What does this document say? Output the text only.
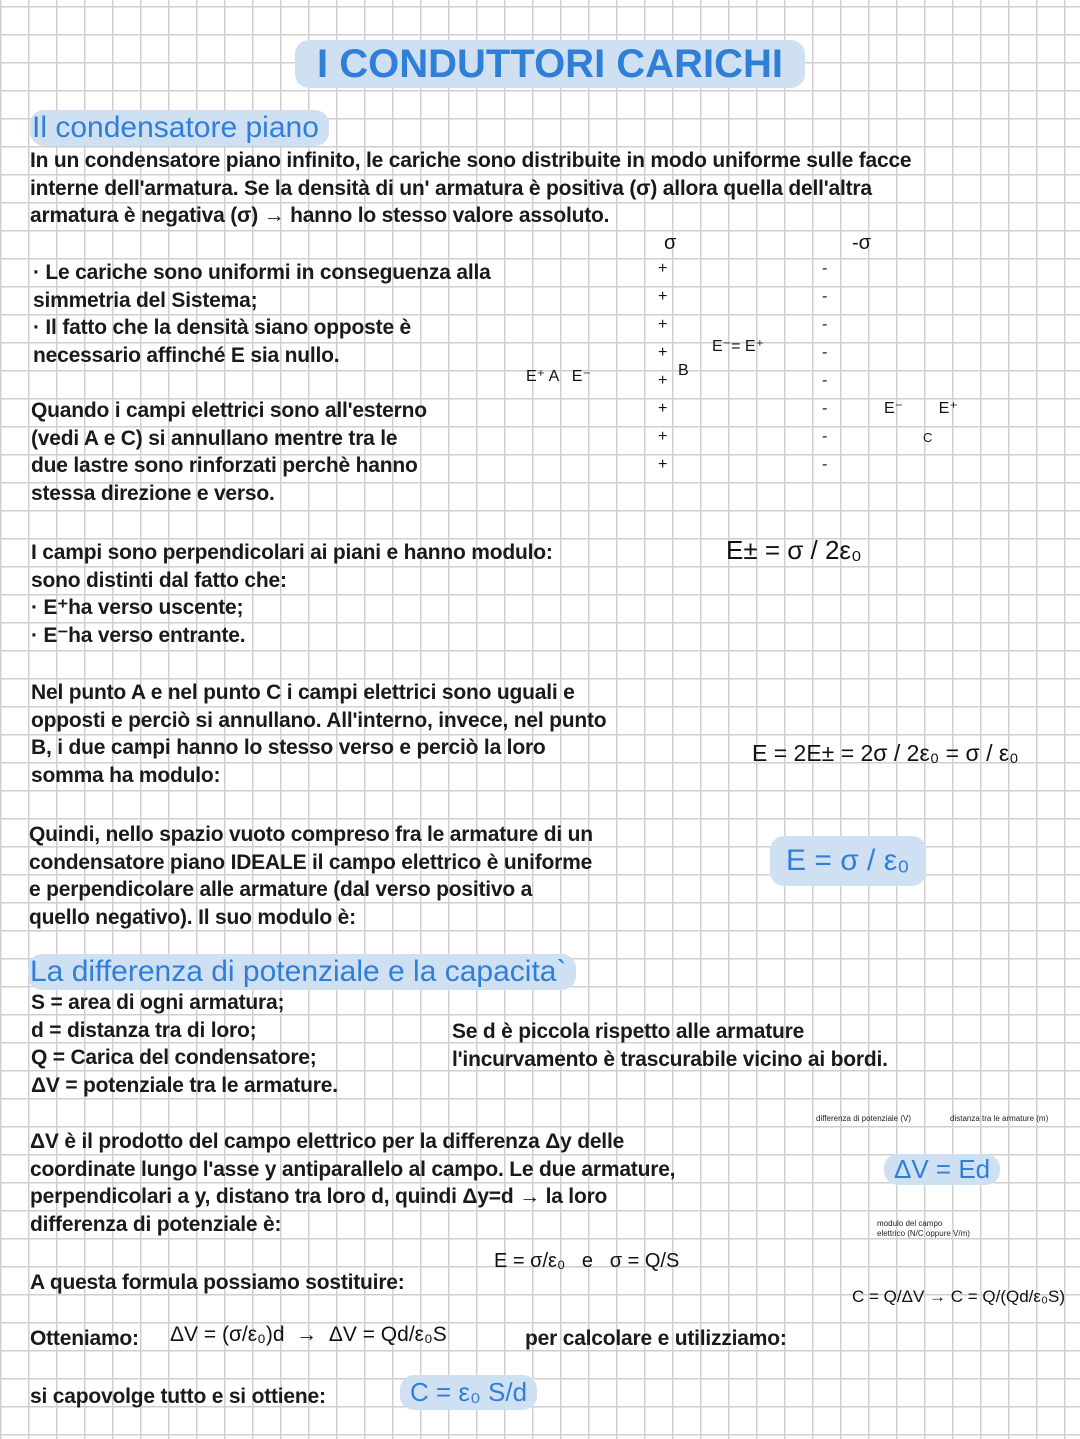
I CONDUTTORI CARICHI
Il condensatore piano
In un condensatore piano infinito, le cariche sono distribuite in modo uniforme sulle facce
interne dell'armatura. Se la densità di un' armatura è positiva (σ) allora quella dell'altra
armatura è negativa (σ) → hanno lo stesso valore assoluto.
· Le cariche sono uniformi in conseguenza alla
simmetria del Sistema;
· Il fatto che la densità siano opposte è
necessario affinché E sia nullo.
Quando i campi elettrici sono all'esterno
(vedi A e C) si annullano mentre tra le
due lastre sono rinforzati perchè hanno
stessa direzione e verso.
σ	-σ
+
+
+
+
+
+
+
+
-
-
-
-
-
-
-
-
E⁺ A   E⁻	B
E⁻= E⁺
E⁻        E⁺
C
I campi sono perpendicolari ai piani e hanno modulo:
sono distinti dal fatto che:
· E⁺ha verso uscente;
· E⁻ha verso entrante.
E± = σ / 2ε₀
Nel punto A e nel punto C i campi elettrici sono uguali e
opposti e perciò si annullano. All'interno, invece, nel punto
B, i due campi hanno lo stesso verso e perciò la loro
somma ha modulo:
E = 2E± = 2σ / 2ε₀ = σ / ε₀
Quindi, nello spazio vuoto compreso fra le armature di un
condensatore piano IDEALE il campo elettrico è uniforme
e perpendicolare alle armature (dal verso positivo a
quello negativo). Il suo modulo è:
E = σ / ε₀
La differenza di potenziale e la capacita`
S = area di ogni armatura;
d = distanza tra di loro;
Q = Carica del condensatore;
ΔV = potenziale tra le armature.
Se d è piccola rispetto alle armature
l'incurvamento è trascurabile vicino ai bordi.
ΔV è il prodotto del campo elettrico per la differenza Δy delle
coordinate lungo l'asse y antiparallelo al campo. Le due armature,
perpendicolari a y, distano tra loro d, quindi Δy=d → la loro
differenza di potenziale è:
differenza di potenziale (V)	distanza tra le armature (m)
ΔV = Ed
modulo del campo
elettrico (N/C oppure V/m)
A questa formula possiamo sostituire:
E = σ/ε₀   e   σ = Q/S
Otteniamo: ΔV = (σ/ε₀)d  →  ΔV = Qd/ε₀S	per calcolare e utilizziamo:
C = Q/ΔV → C = Q/(Qd/ε₀S)
si capovolge tutto e si ottiene:	C = ε₀ S/d
